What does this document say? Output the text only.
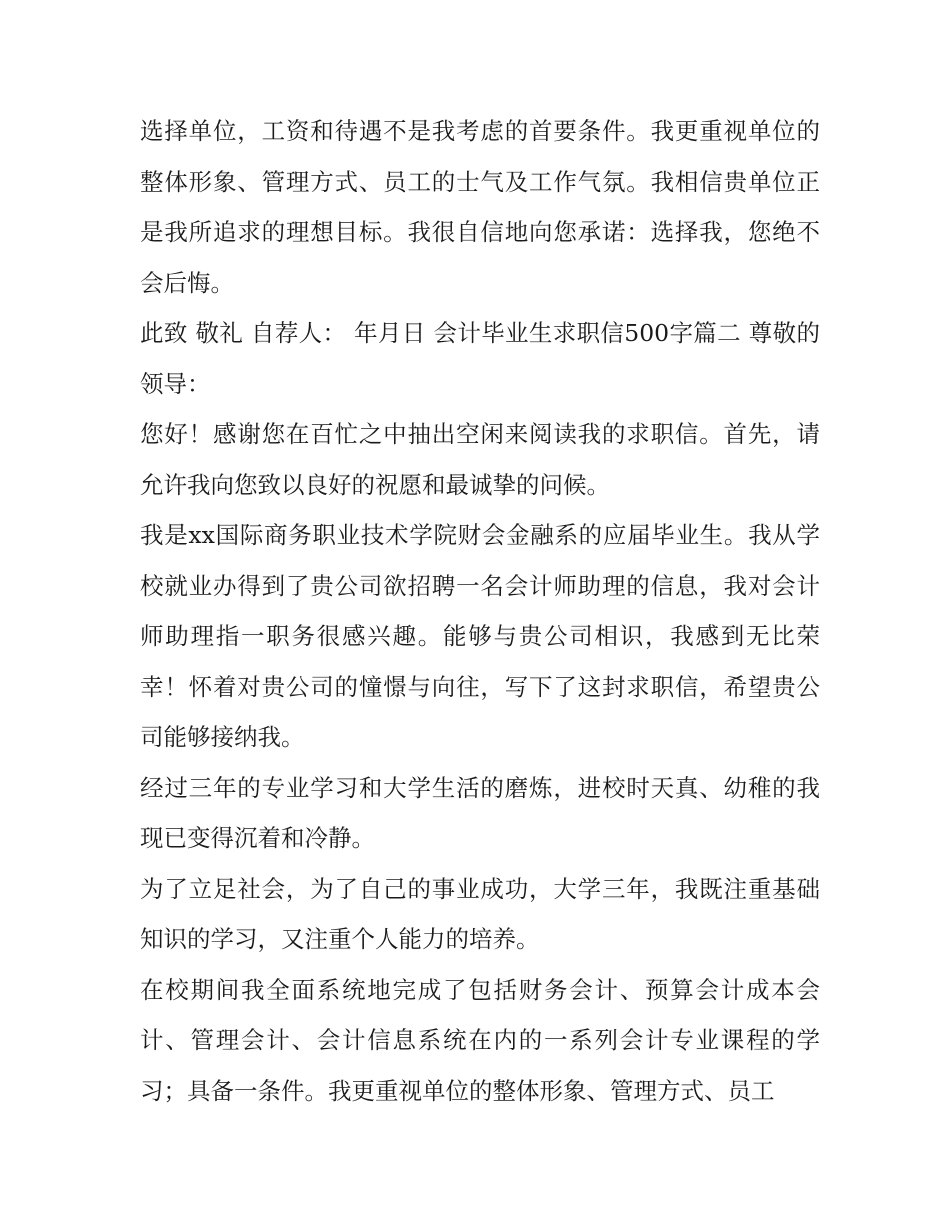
选择单位，工资和待遇不是我考虑的首要条件。我更重视单位的整体形象、管理方式、员工的士气及工作气氛。我相信贵单位正是我所追求的理想目标。我很自信地向您承诺：选择我，您绝不会后悔。

此致 敬礼 自荐人： 年月日 会计毕业生求职信500字篇二 尊敬的领导：

您好！感谢您在百忙之中抽出空闲来阅读我的求职信。首先，请允许我向您致以良好的祝愿和最诚挚的问候。

我是xx国际商务职业技术学院财会金融系的应届毕业生。我从学校就业办得到了贵公司欲招聘一名会计师助理的信息，我对会计师助理指一职务很感兴趣。能够与贵公司相识，我感到无比荣幸！怀着对贵公司的憧憬与向往，写下了这封求职信，希望贵公司能够接纳我。

经过三年的专业学习和大学生活的磨炼，进校时天真、幼稚的我现已变得沉着和冷静。

为了立足社会，为了自己的事业成功，大学三年，我既注重基础知识的学习，又注重个人能力的培养。

在校期间我全面系统地完成了包括财务会计、预算会计成本会计、管理会计、会计信息系统在内的一系列会计专业课程的学习；具备一条件。我更重视单位的整体形象、管理方式、员工
